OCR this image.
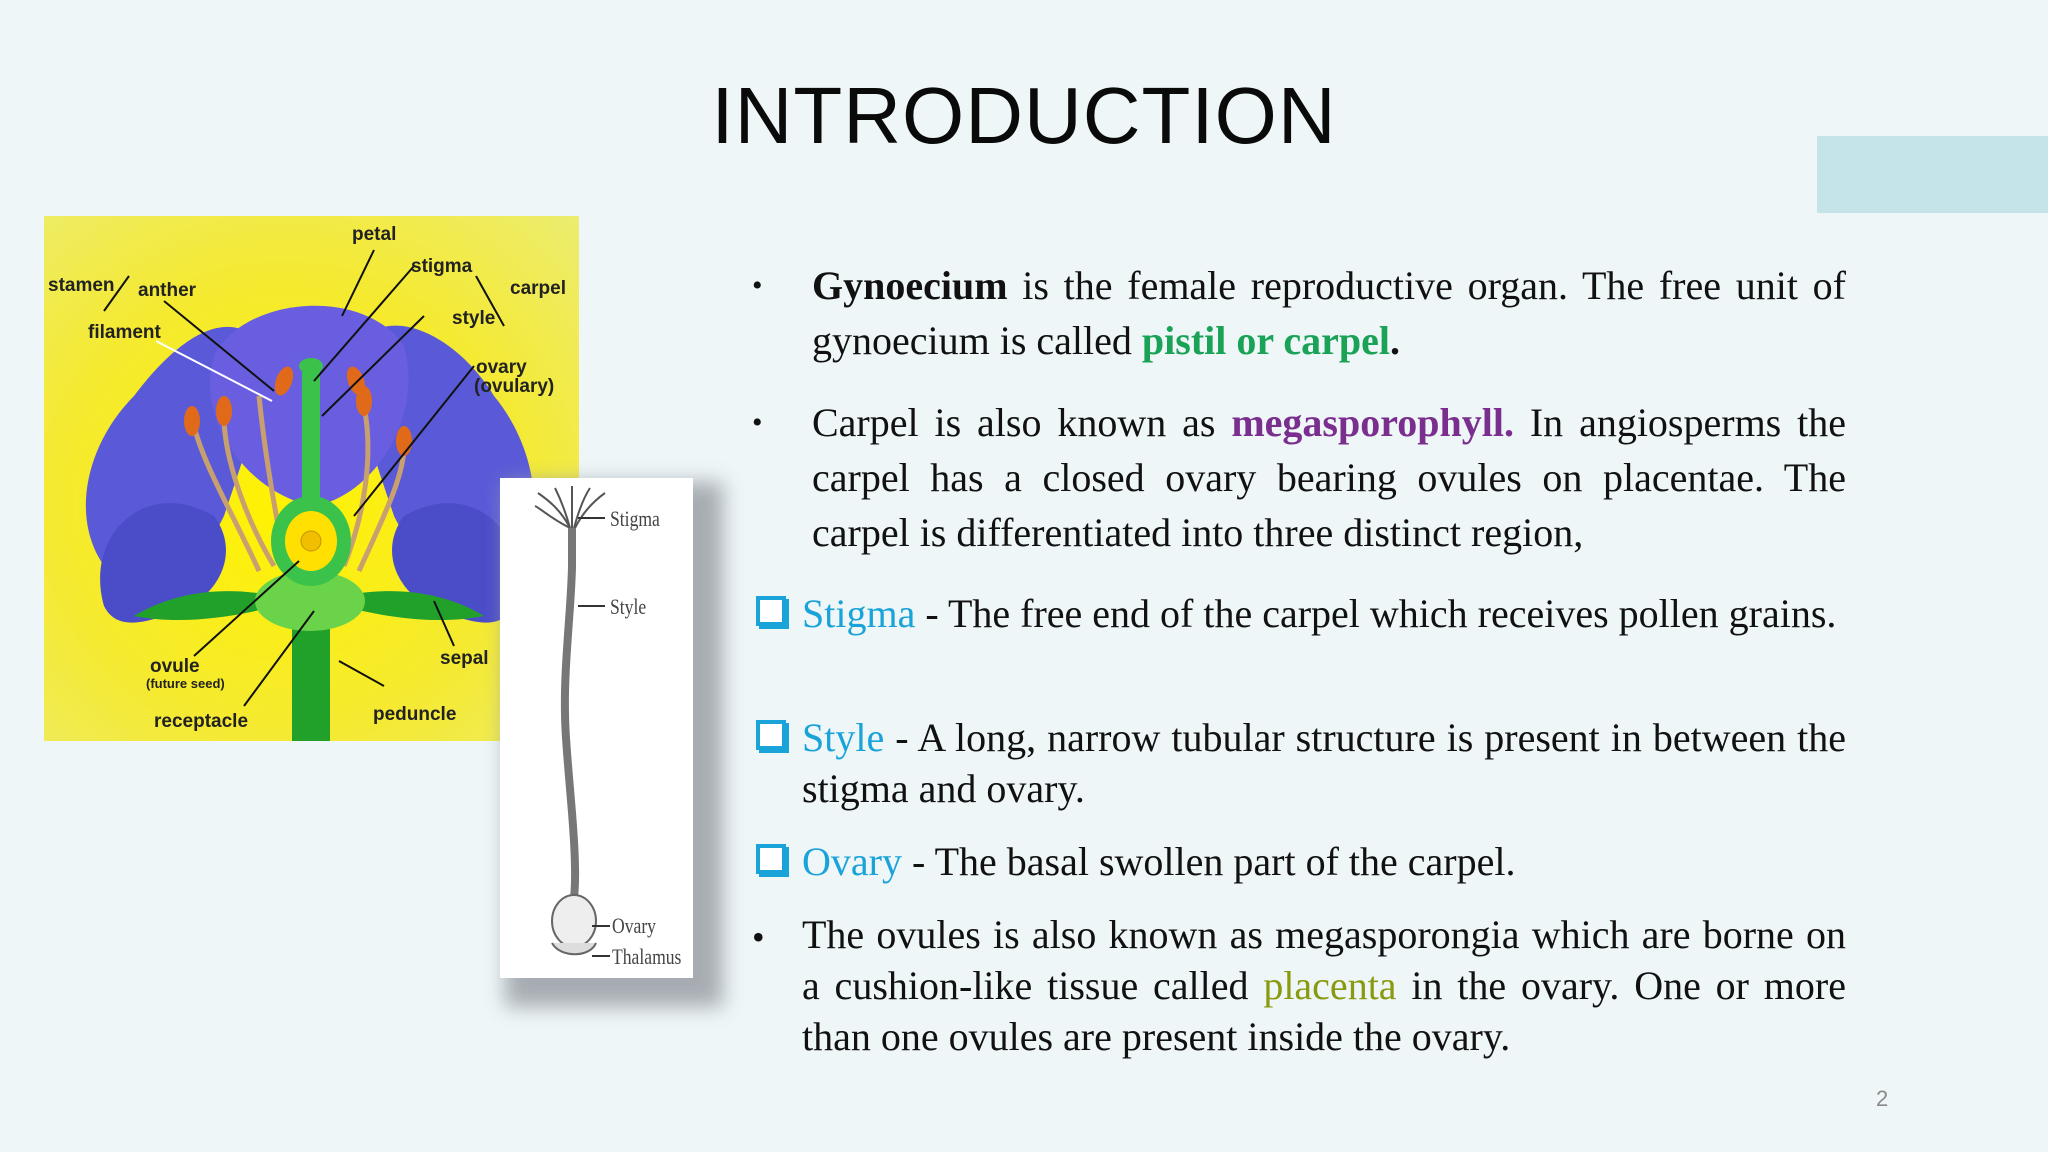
INTRODUCTION
petal
stigma
stamen anther	carpel
style
filament
ovary
(ovulary)
ovule
(future seed)
sepal
receptacle	peduncle
Stigma
Style
Ovary
Thalamus
• Gynoecium is the female reproductive organ. The free unit of gynoecium is called pistil or carpel.
• Carpel is also known as megasporophyll. In angiosperms the carpel has a closed ovary bearing ovules on placentae. The carpel is differentiated into three distinct region,
Stigma - The free end of the carpel which receives pollen grains.
Style - A long, narrow tubular structure is present in between the stigma and ovary.
Ovary - The basal swollen part of the carpel.
• The ovules is also known as megasporongia which are borne on a cushion-like tissue called placenta in the ovary. One or more than one ovules are present inside the ovary.
2
